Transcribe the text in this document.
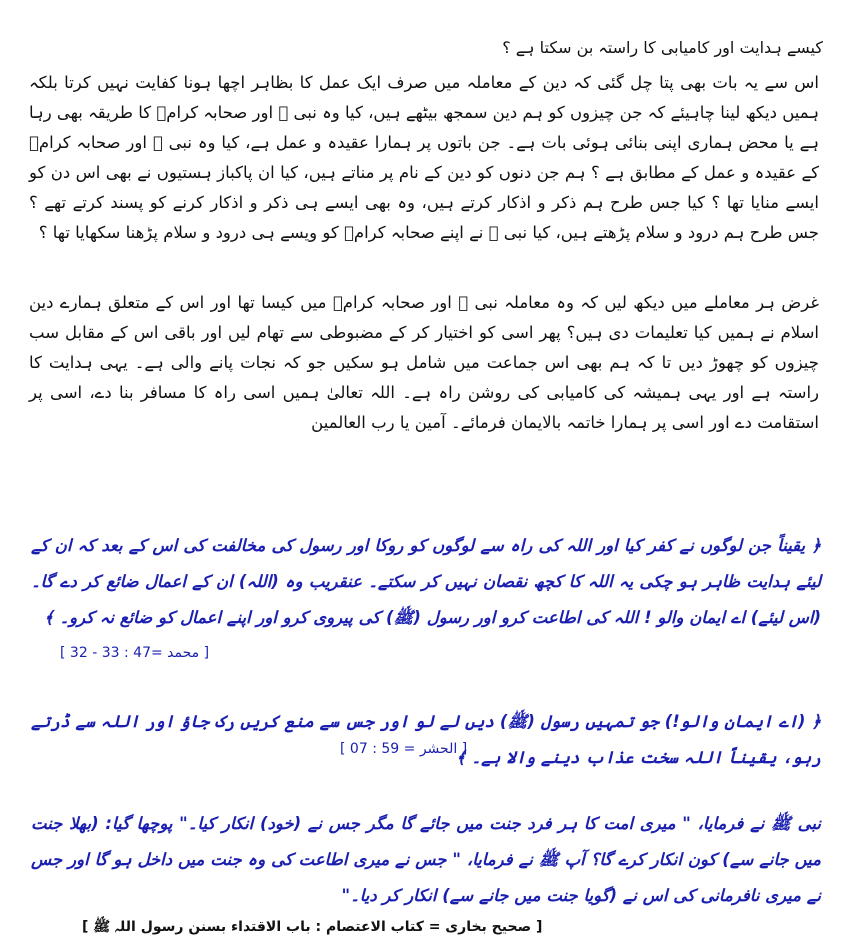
کیسے ہدایت اور کامیابی کا راستہ بن سکتا ہے ؟
اس سے یہ بات بھی پتا چل گئی کہ دین کے معاملہ میں صرف ایک عمل کا بظاہر اچھا ہونا کفایت نہیں کرتا بلکہ ہمیں دیکھ لینا چاہیئے کہ جن چیزوں کو ہم دین سمجھ بیٹھے ہیں، کیا وہ نبی ﷺ اور صحابہ کرامؓ کا طریقہ بھی رہا ہے یا محض ہماری اپنی بنائی ہوئی بات ہے۔ جن باتوں پر ہمارا عقیدہ و عمل ہے، کیا وہ نبی ﷺ اور صحابہ کرامؓ کے عقیدہ و عمل کے مطابق ہے ؟ ہم جن دنوں کو دین کے نام پر مناتے ہیں، کیا ان پاکباز ہستیوں نے بھی اس دن کو ایسے منایا تھا ؟ کیا جس طرح ہم ذکر و اذکار کرتے ہیں، وہ بھی ایسے ہی ذکر و اذکار کرنے کو پسند کرتے تھے ؟ جس طرح ہم درود و سلام پڑھتے ہیں، کیا نبی ﷺ نے اپنے صحابہ کرامؓ کو ویسے ہی درود و سلام پڑھنا سکھایا تھا ؟
غرض ہر معاملے میں دیکھ لیں کہ وہ معاملہ نبی ﷺ اور صحابہ کرامؓ میں کیسا تھا اور اس کے متعلق ہمارے دین اسلام نے ہمیں کیا تعلیمات دی ہیں؟ پھر اسی کو اختیار کر کے مضبوطی سے تھام لیں اور باقی اس کے مقابل سب چیزوں کو چھوڑ دیں تا کہ ہم بھی اس جماعت میں شامل ہو سکیں جو کہ نجات پانے والی ہے۔ یہی ہدایت کا راستہ ہے اور یہی ہمیشہ کی کامیابی کی روشن راہ ہے۔ اللہ تعالیٰ ہمیں اسی راہ کا مسافر بنا دے، اسی پر استقامت دے اور اسی پر ہمارا خاتمہ بالایمان فرمائے۔ آمین یا رب العالمین
﴿ یقیناً جن لوگوں نے کفر کیا اور اللہ کی راہ سے لوگوں کو روکا اور رسول کی مخالفت کی اس کے بعد کہ ان کے لیئے ہدایت ظاہر ہو چکی یہ اللہ کا کچھ نقصان نہیں کر سکتے۔ عنقریب وہ (اللہ) ان کے اعمال ضائع کر دے گا۔ (اس لیئے) اے ایمان والو ! اللہ کی اطاعت کرو اور رسول (ﷺ) کی پیروی کرو اور اپنے اعمال کو ضائع نہ کرو۔ ﴾
[ محمد =47 : 33 - 32 ]
﴿ (اے ایمان والو!) جو تمہیں رسول (ﷺ) دیں لے لو اور جس سے منع کریں رک جاؤ اور اللہ سے ڈرتے رہو، یقیناً اللہ سخت عذاب دینے والا ہے۔ ﴾
[ الحشر = 59 : 07 ]
نبی ﷺ نے فرمایا، " میری امت کا ہر فرد جنت میں جائے گا مگر جس نے (خود) انکار کیا۔" پوچھا گیا: (بھلا جنت میں جانے سے) کون انکار کرے گا؟ آپ ﷺ نے فرمایا، " جس نے میری اطاعت کی وہ جنت میں داخل ہو گا اور جس نے میری نافرمانی کی اس نے (گویا جنت میں جانے سے) انکار کر دیا۔"
[ صحیح بخاری = کتاب الاعتصام : باب الاقتداء بسنن رسول اللہ ﷺ ]
